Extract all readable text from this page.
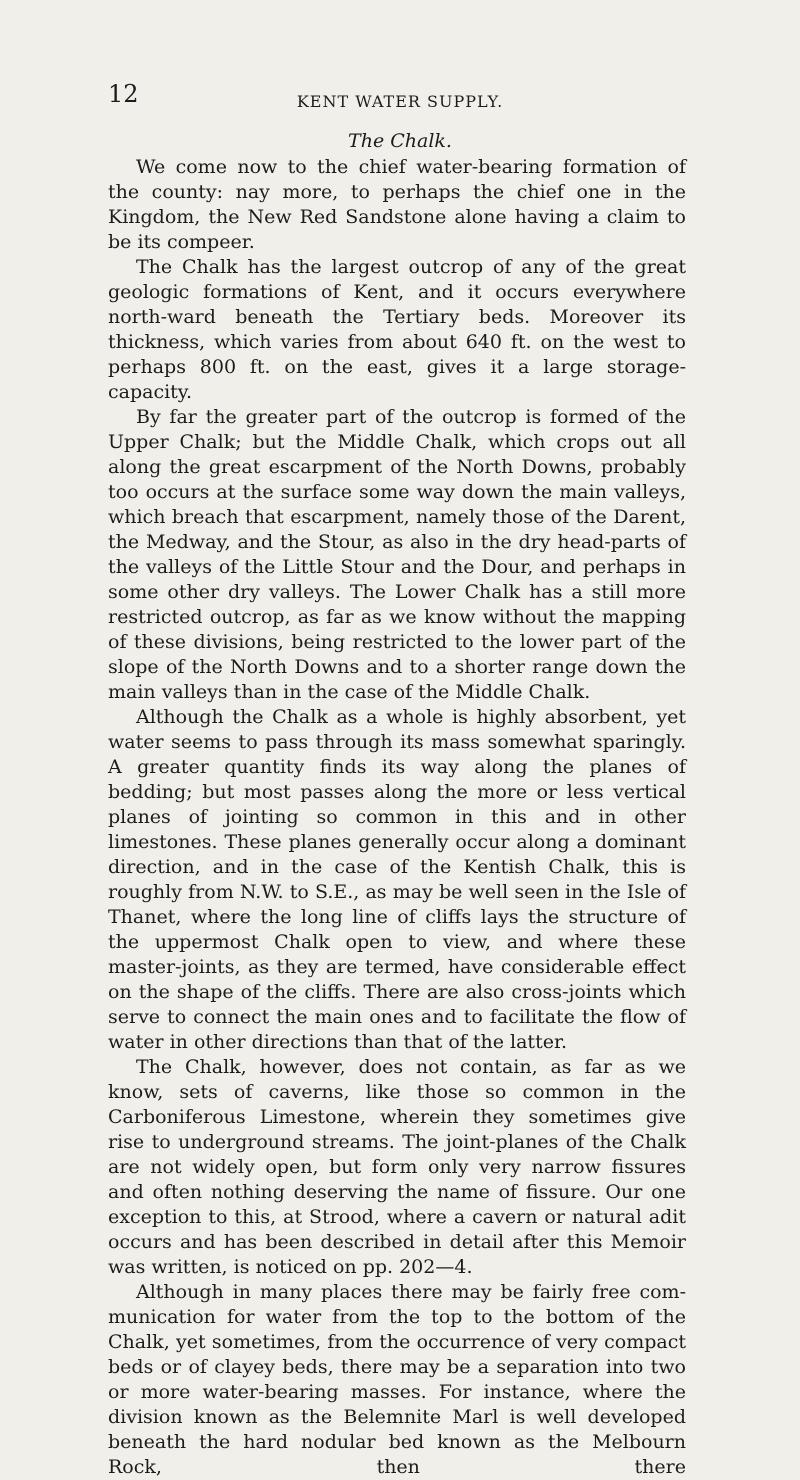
12	KENT WATER SUPPLY.
The Chalk.

We come now to the chief water-bearing formation of the county: nay more, to perhaps the chief one in the Kingdom, the New Red Sandstone alone having a claim to be its compeer.

The Chalk has the largest outcrop of any of the great geologic formations of Kent, and it occurs everywhere north-ward beneath the Tertiary beds. Moreover its thickness, which varies from about 640 ft. on the west to perhaps 800 ft. on the east, gives it a large storage-capacity.

By far the greater part of the outcrop is formed of the Upper Chalk; but the Middle Chalk, which crops out all along the great escarpment of the North Downs, probably too occurs at the surface some way down the main valleys, which breach that escarpment, namely those of the Darent, the Medway, and the Stour, as also in the dry head-parts of the valleys of the Little Stour and the Dour, and perhaps in some other dry valleys. The Lower Chalk has a still more restricted outcrop, as far as we know without the mapping of these divisions, being restricted to the lower part of the slope of the North Downs and to a shorter range down the main valleys than in the case of the Middle Chalk.

Although the Chalk as a whole is highly absorbent, yet water seems to pass through its mass somewhat sparingly. A greater quantity finds its way along the planes of bedding; but most passes along the more or less vertical planes of jointing so common in this and in other limestones. These planes generally occur along a dominant direction, and in the case of the Kentish Chalk, this is roughly from N.W. to S.E., as may be well seen in the Isle of Thanet, where the long line of cliffs lays the structure of the uppermost Chalk open to view, and where these master-joints, as they are termed, have considerable effect on the shape of the cliffs. There are also cross-joints which serve to connect the main ones and to facilitate the flow of water in other directions than that of the latter.

The Chalk, however, does not contain, as far as we know, sets of caverns, like those so common in the Carboniferous Limestone, wherein they sometimes give rise to underground streams. The joint-planes of the Chalk are not widely open, but form only very narrow fissures and often nothing deserving the name of fissure. Our one exception to this, at Strood, where a cavern or natural adit occurs and has been described in detail after this Memoir was written, is noticed on pp. 202—4.

Although in many places there may be fairly free com-munication for water from the top to the bottom of the Chalk, yet sometimes, from the occurrence of very compact beds or of clayey beds, there may be a separation into two or more water-bearing masses. For instance, where the division known as the Belemnite Marl is well developed beneath the hard nodular bed known as the Melbourn Rock, then there
